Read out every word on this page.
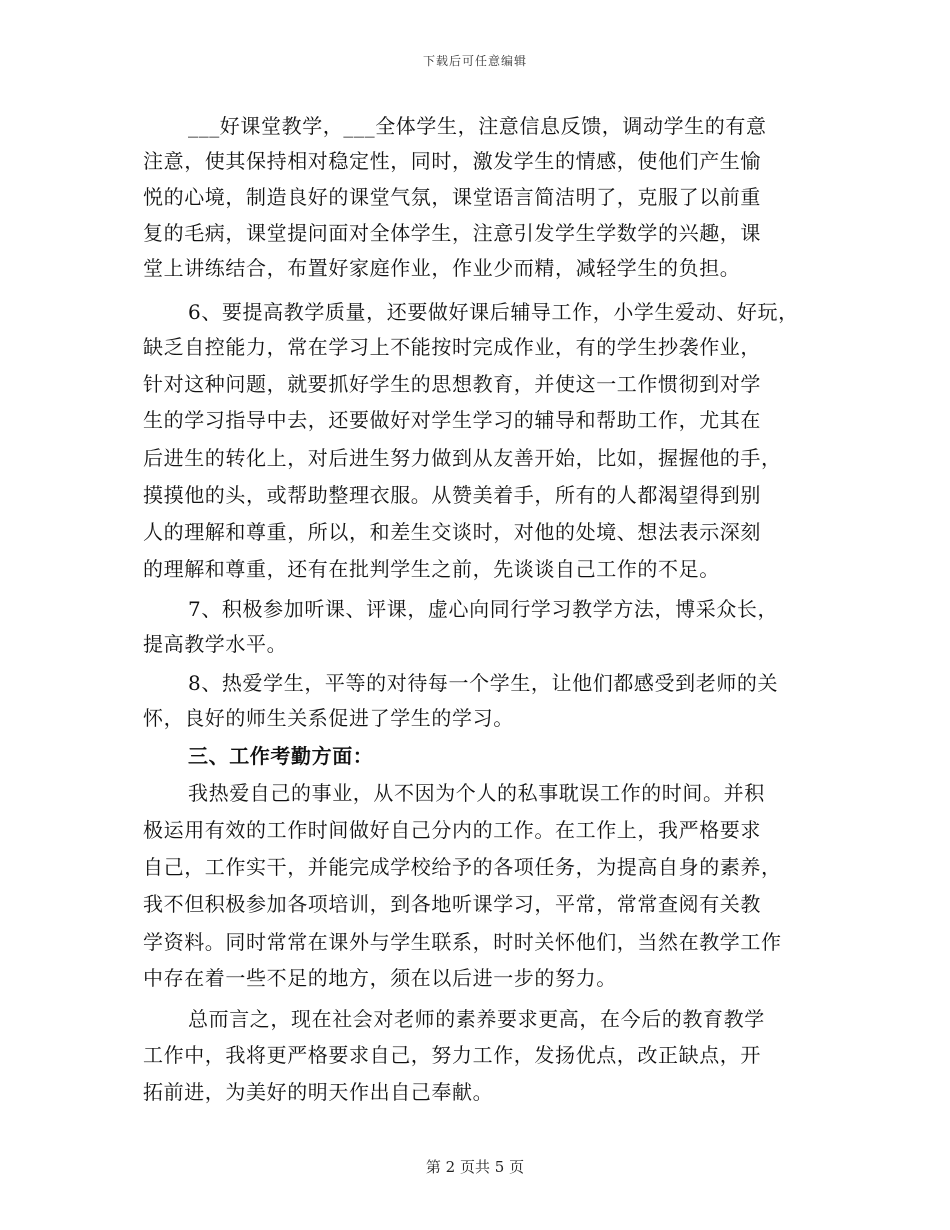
下载后可任意编辑
___好课堂教学，___全体学生，注意信息反馈，调动学生的有意
注意，使其保持相对稳定性，同时，激发学生的情感，使他们产生愉
悦的心境，制造良好的课堂气氛，课堂语言简洁明了，克服了以前重
复的毛病，课堂提问面对全体学生，注意引发学生学数学的兴趣，课
堂上讲练结合，布置好家庭作业，作业少而精，减轻学生的负担。
6、要提高教学质量，还要做好课后辅导工作，小学生爱动、好玩，
缺乏自控能力，常在学习上不能按时完成作业，有的学生抄袭作业，
针对这种问题，就要抓好学生的思想教育，并使这一工作惯彻到对学
生的学习指导中去，还要做好对学生学习的辅导和帮助工作，尤其在
后进生的转化上，对后进生努力做到从友善开始，比如，握握他的手，
摸摸他的头，或帮助整理衣服。从赞美着手，所有的人都渴望得到别
人的理解和尊重，所以，和差生交谈时，对他的处境、想法表示深刻
的理解和尊重，还有在批判学生之前，先谈谈自己工作的不足。
7、积极参加听课、评课，虚心向同行学习教学方法，博采众长，
提高教学水平。
8、热爱学生，平等的对待每一个学生，让他们都感受到老师的关
怀，良好的师生关系促进了学生的学习。
三、工作考勤方面：
我热爱自己的事业，从不因为个人的私事耽误工作的时间。并积
极运用有效的工作时间做好自己分内的工作。在工作上，我严格要求
自己，工作实干，并能完成学校给予的各项任务，为提高自身的素养，
我不但积极参加各项培训，到各地听课学习，平常，常常查阅有关教
学资料。同时常常在课外与学生联系，时时关怀他们，当然在教学工作
中存在着一些不足的地方，须在以后进一步的努力。
总而言之，现在社会对老师的素养要求更高，在今后的教育教学
工作中，我将更严格要求自己，努力工作，发扬优点，改正缺点，开
拓前进，为美好的明天作出自己奉献。
第 2 页共 5 页
